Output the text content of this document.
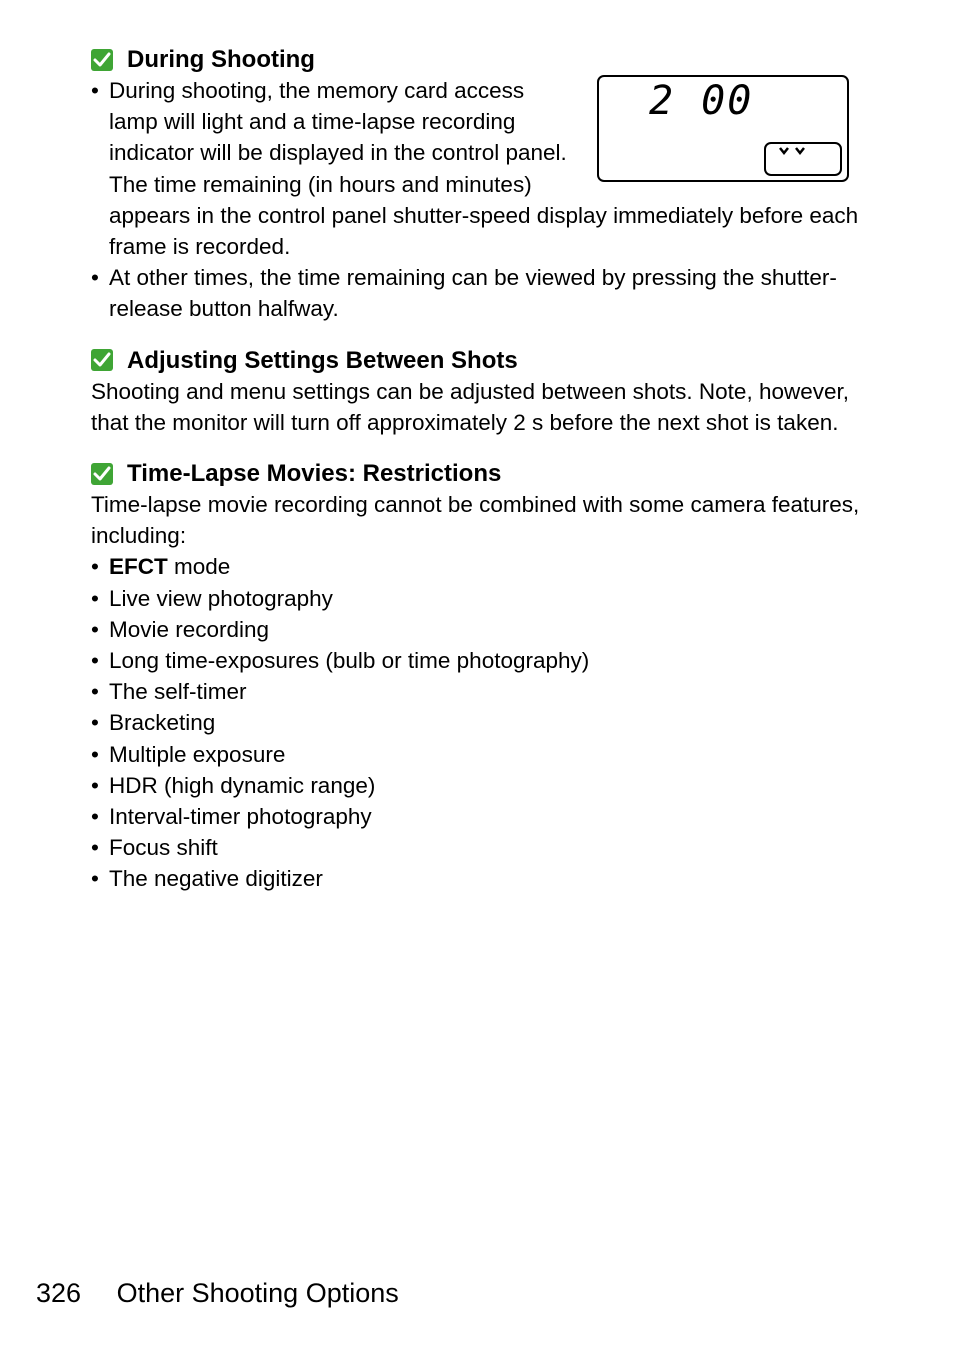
During Shooting
2 00
• During shooting, the memory card access lamp will light and a time-lapse recording indicator will be displayed in the control panel. The time remaining (in hours and minutes) appears in the control panel shutter-speed display immediately before each frame is recorded.
• At other times, the time remaining can be viewed by pressing the shutter-release button halfway.
Adjusting Settings Between Shots

Shooting and menu settings can be adjusted between shots. Note, however, that the monitor will turn off approximately 2 s before the next shot is taken.

Time-Lapse Movies: Restrictions

Time-lapse movie recording cannot be combined with some camera features, including:

• EFCT mode
• Live view photography
• Movie recording
• Long time-exposures (bulb or time photography)
• The self-timer
• Bracketing
• Multiple exposure
• HDR (high dynamic range)
• Interval-timer photography
• Focus shift
• The negative digitizer
326 Other Shooting Options
